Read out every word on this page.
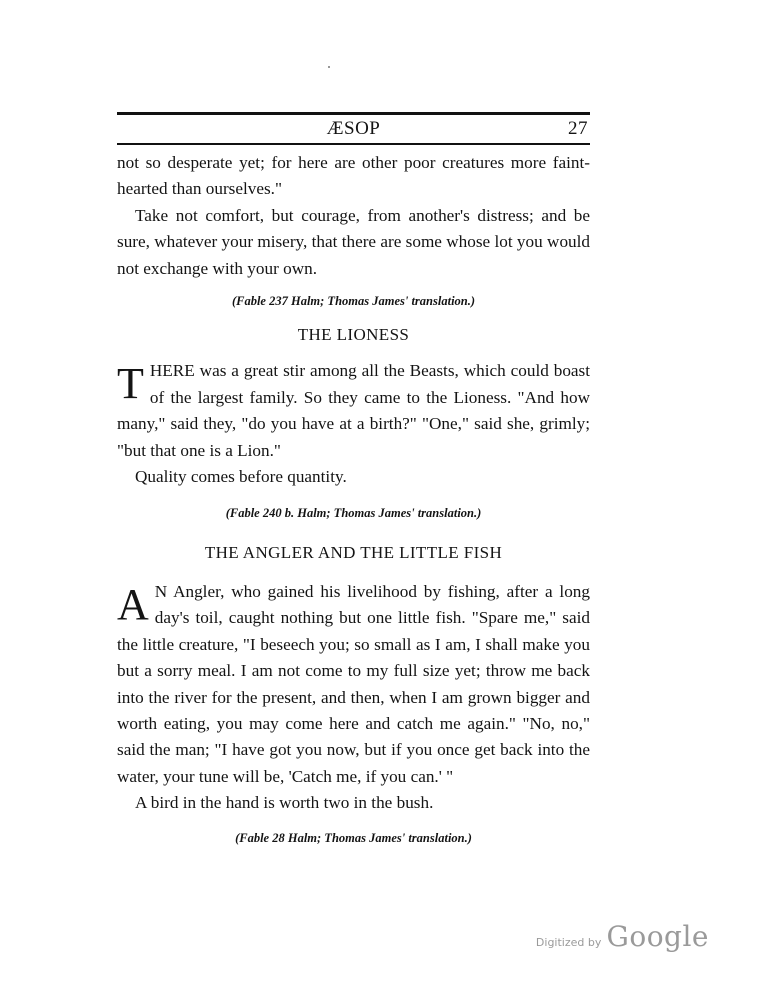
ÆSOP	27

not so desperate yet; for here are other poor creatures more faint-hearted than ourselves."

Take not comfort, but courage, from another's distress; and be sure, whatever your misery, that there are some whose lot you would not exchange with your own.

(Fable 237 Halm; Thomas James' translation.)

THE LIONESS

THERE was a great stir among all the Beasts, which could boast of the largest family. So they came to the Lioness. "And how many," said they, "do you have at a birth?" "One," said she, grimly; "but that one is a Lion."

Quality comes before quantity.

(Fable 240 b. Halm; Thomas James' translation.)

THE ANGLER AND THE LITTLE FISH

A N Angler, who gained his livelihood by fishing, after a long day's toil, caught nothing but one little fish. "Spare me," said the little creature, "I beseech you; so small as I am, I shall make you but a sorry meal. I am not come to my full size yet; throw me back into the river for the present, and then, when I am grown bigger and worth eating, you may come here and catch me again." "No, no," said the man; "I have got you now, but if you once get back into the water, your tune will be, 'Catch me, if you can.' "

A bird in the hand is worth two in the bush.

(Fable 28 Halm; Thomas James' translation.)

Digitized by Google
